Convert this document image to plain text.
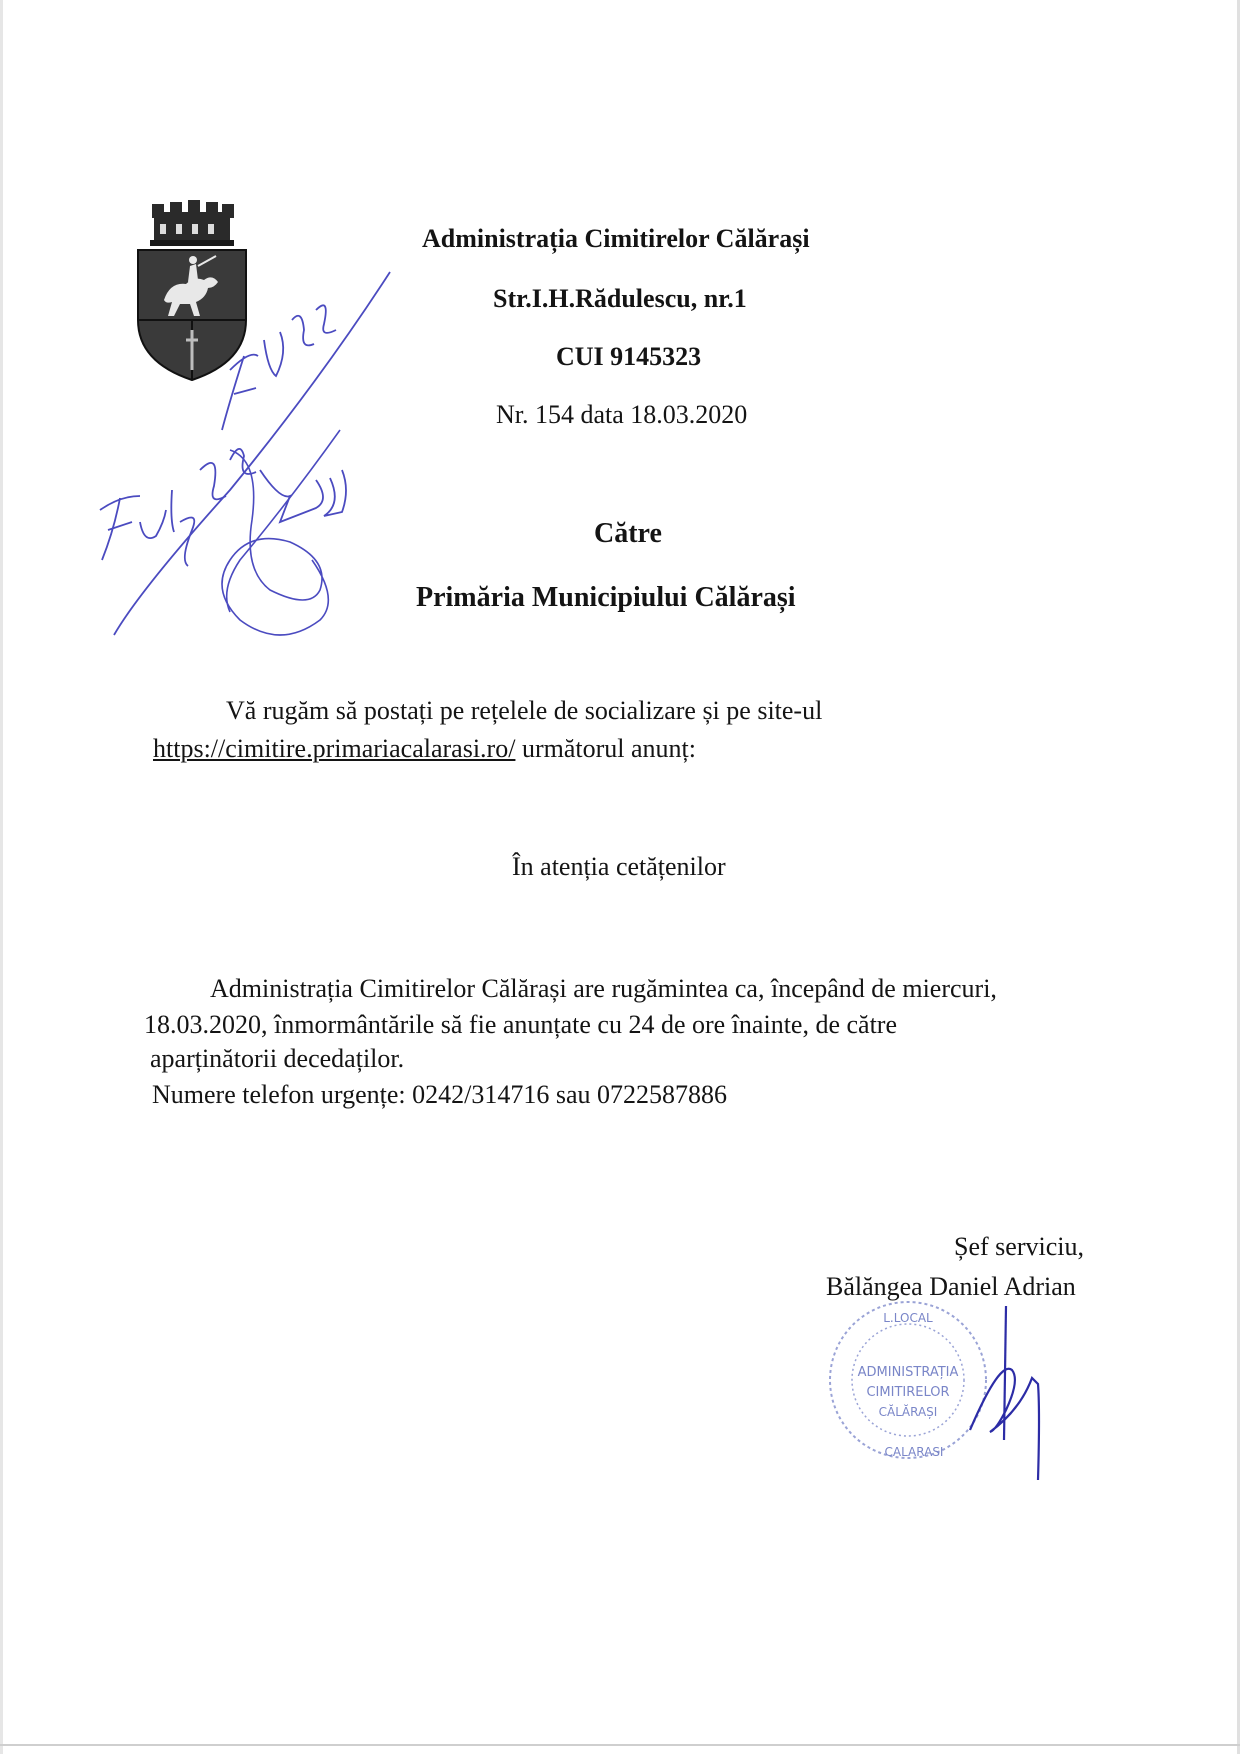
Administrația Cimitirelor Călărași
Str.I.H.Rădulescu, nr.1
CUI 9145323
Nr. 154 data 18.03.2020
Către
Primăria Municipiului Călărași
Vă rugăm să postați pe rețelele de socializare și pe site-ul
https://cimitire.primariacalarasi.ro/ următorul anunț:
În atenția cetățenilor
Administrația Cimitirelor Călărași are rugămintea ca, începând de miercuri,
18.03.2020, înmormântările să fie anunțate cu 24 de ore înainte, de către
aparținătorii decedaților.
Numere telefon urgențe: 0242/314716 sau 0722587886
Șef serviciu,
Bălăngea Daniel Adrian
L.LOCAL
ADMINISTRAȚIA
CIMITIRELOR
CĂLĂRAȘI
CALARASI
